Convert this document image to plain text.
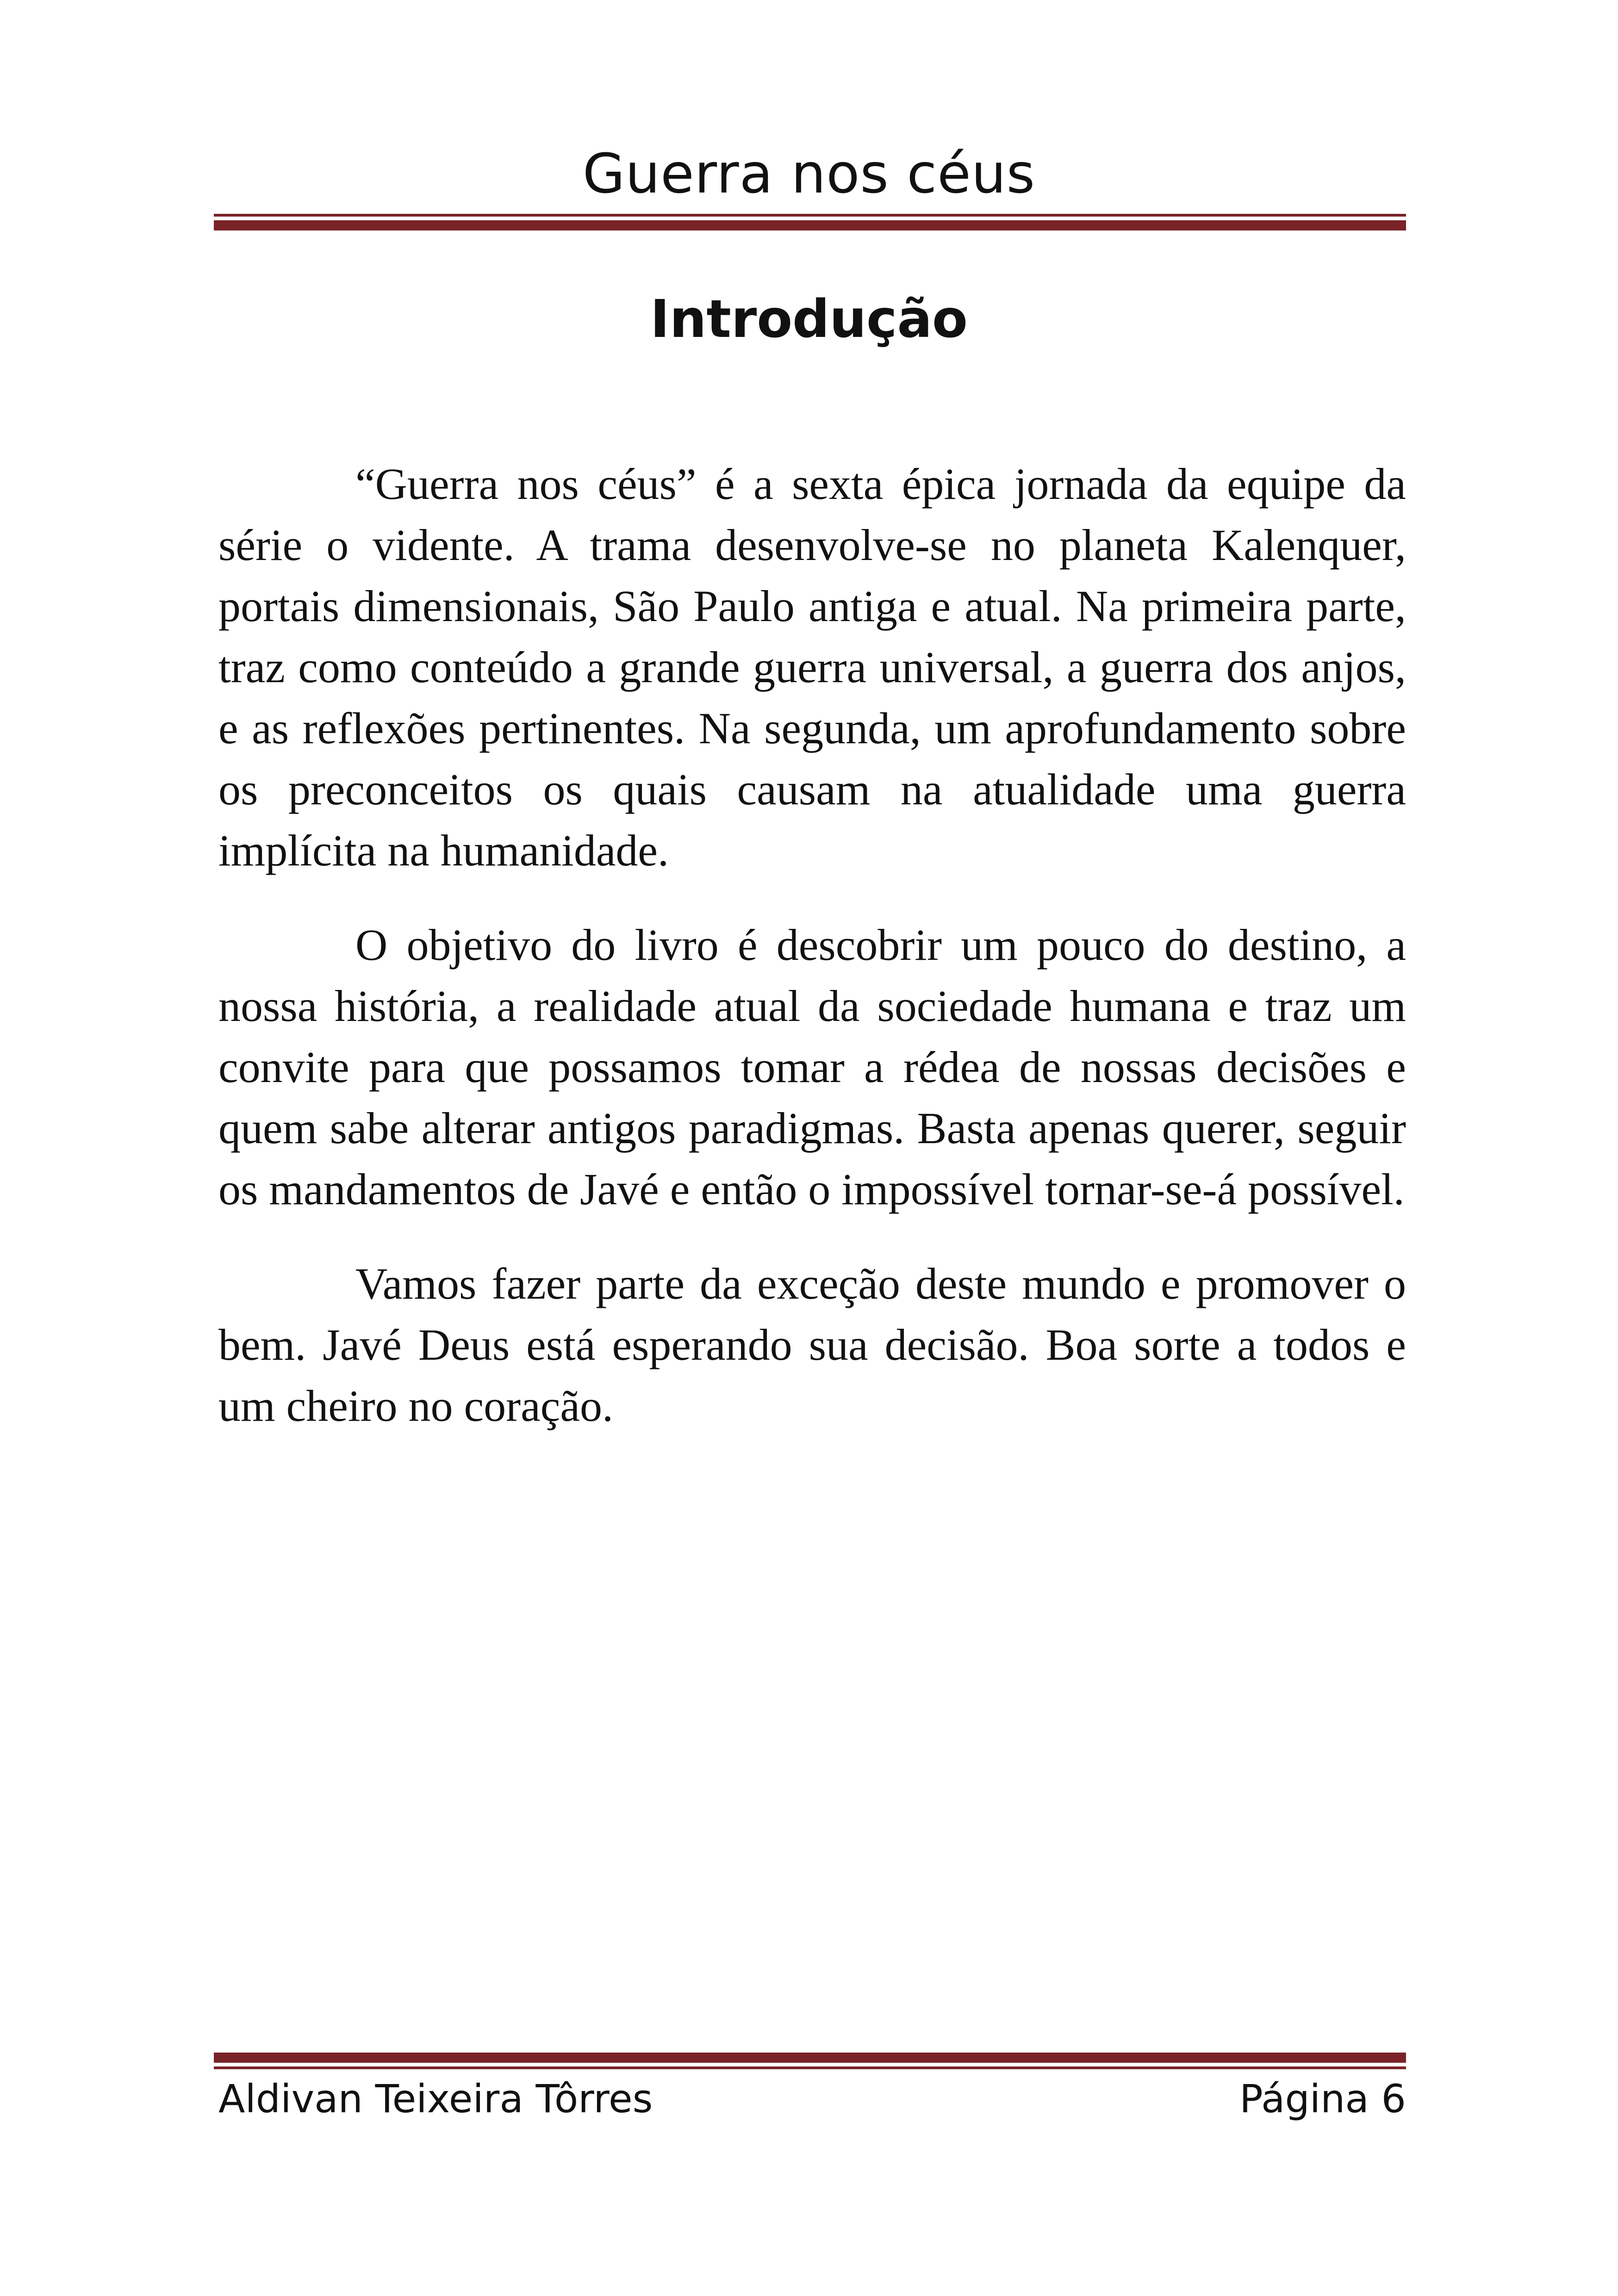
Guerra nos céus
Introdução

“Guerra nos céus” é a sexta épica jornada da equipe da série o vidente. A trama desenvolve-se no planeta Kalenquer, portais dimensionais, São Paulo antiga e atual. Na primeira parte, traz como conteúdo a grande guerra universal, a guerra dos anjos, e as reflexões pertinentes. Na segunda, um aprofundamento sobre os preconceitos os quais causam na atualidade uma guerra implícita na humanidade.

O objetivo do livro é descobrir um pouco do destino, a nossa história, a realidade atual da sociedade humana e traz um convite para que possamos tomar a rédea de nossas decisões e quem sabe alterar antigos paradigmas. Basta apenas querer, seguir os mandamentos de Javé e então o impossível tornar-se-á possível.

Vamos fazer parte da exceção deste mundo e promover o bem. Javé Deus está esperando sua decisão. Boa sorte a todos e um cheiro no coração.

Aldivan Teixeira Tôrres	Página 6
